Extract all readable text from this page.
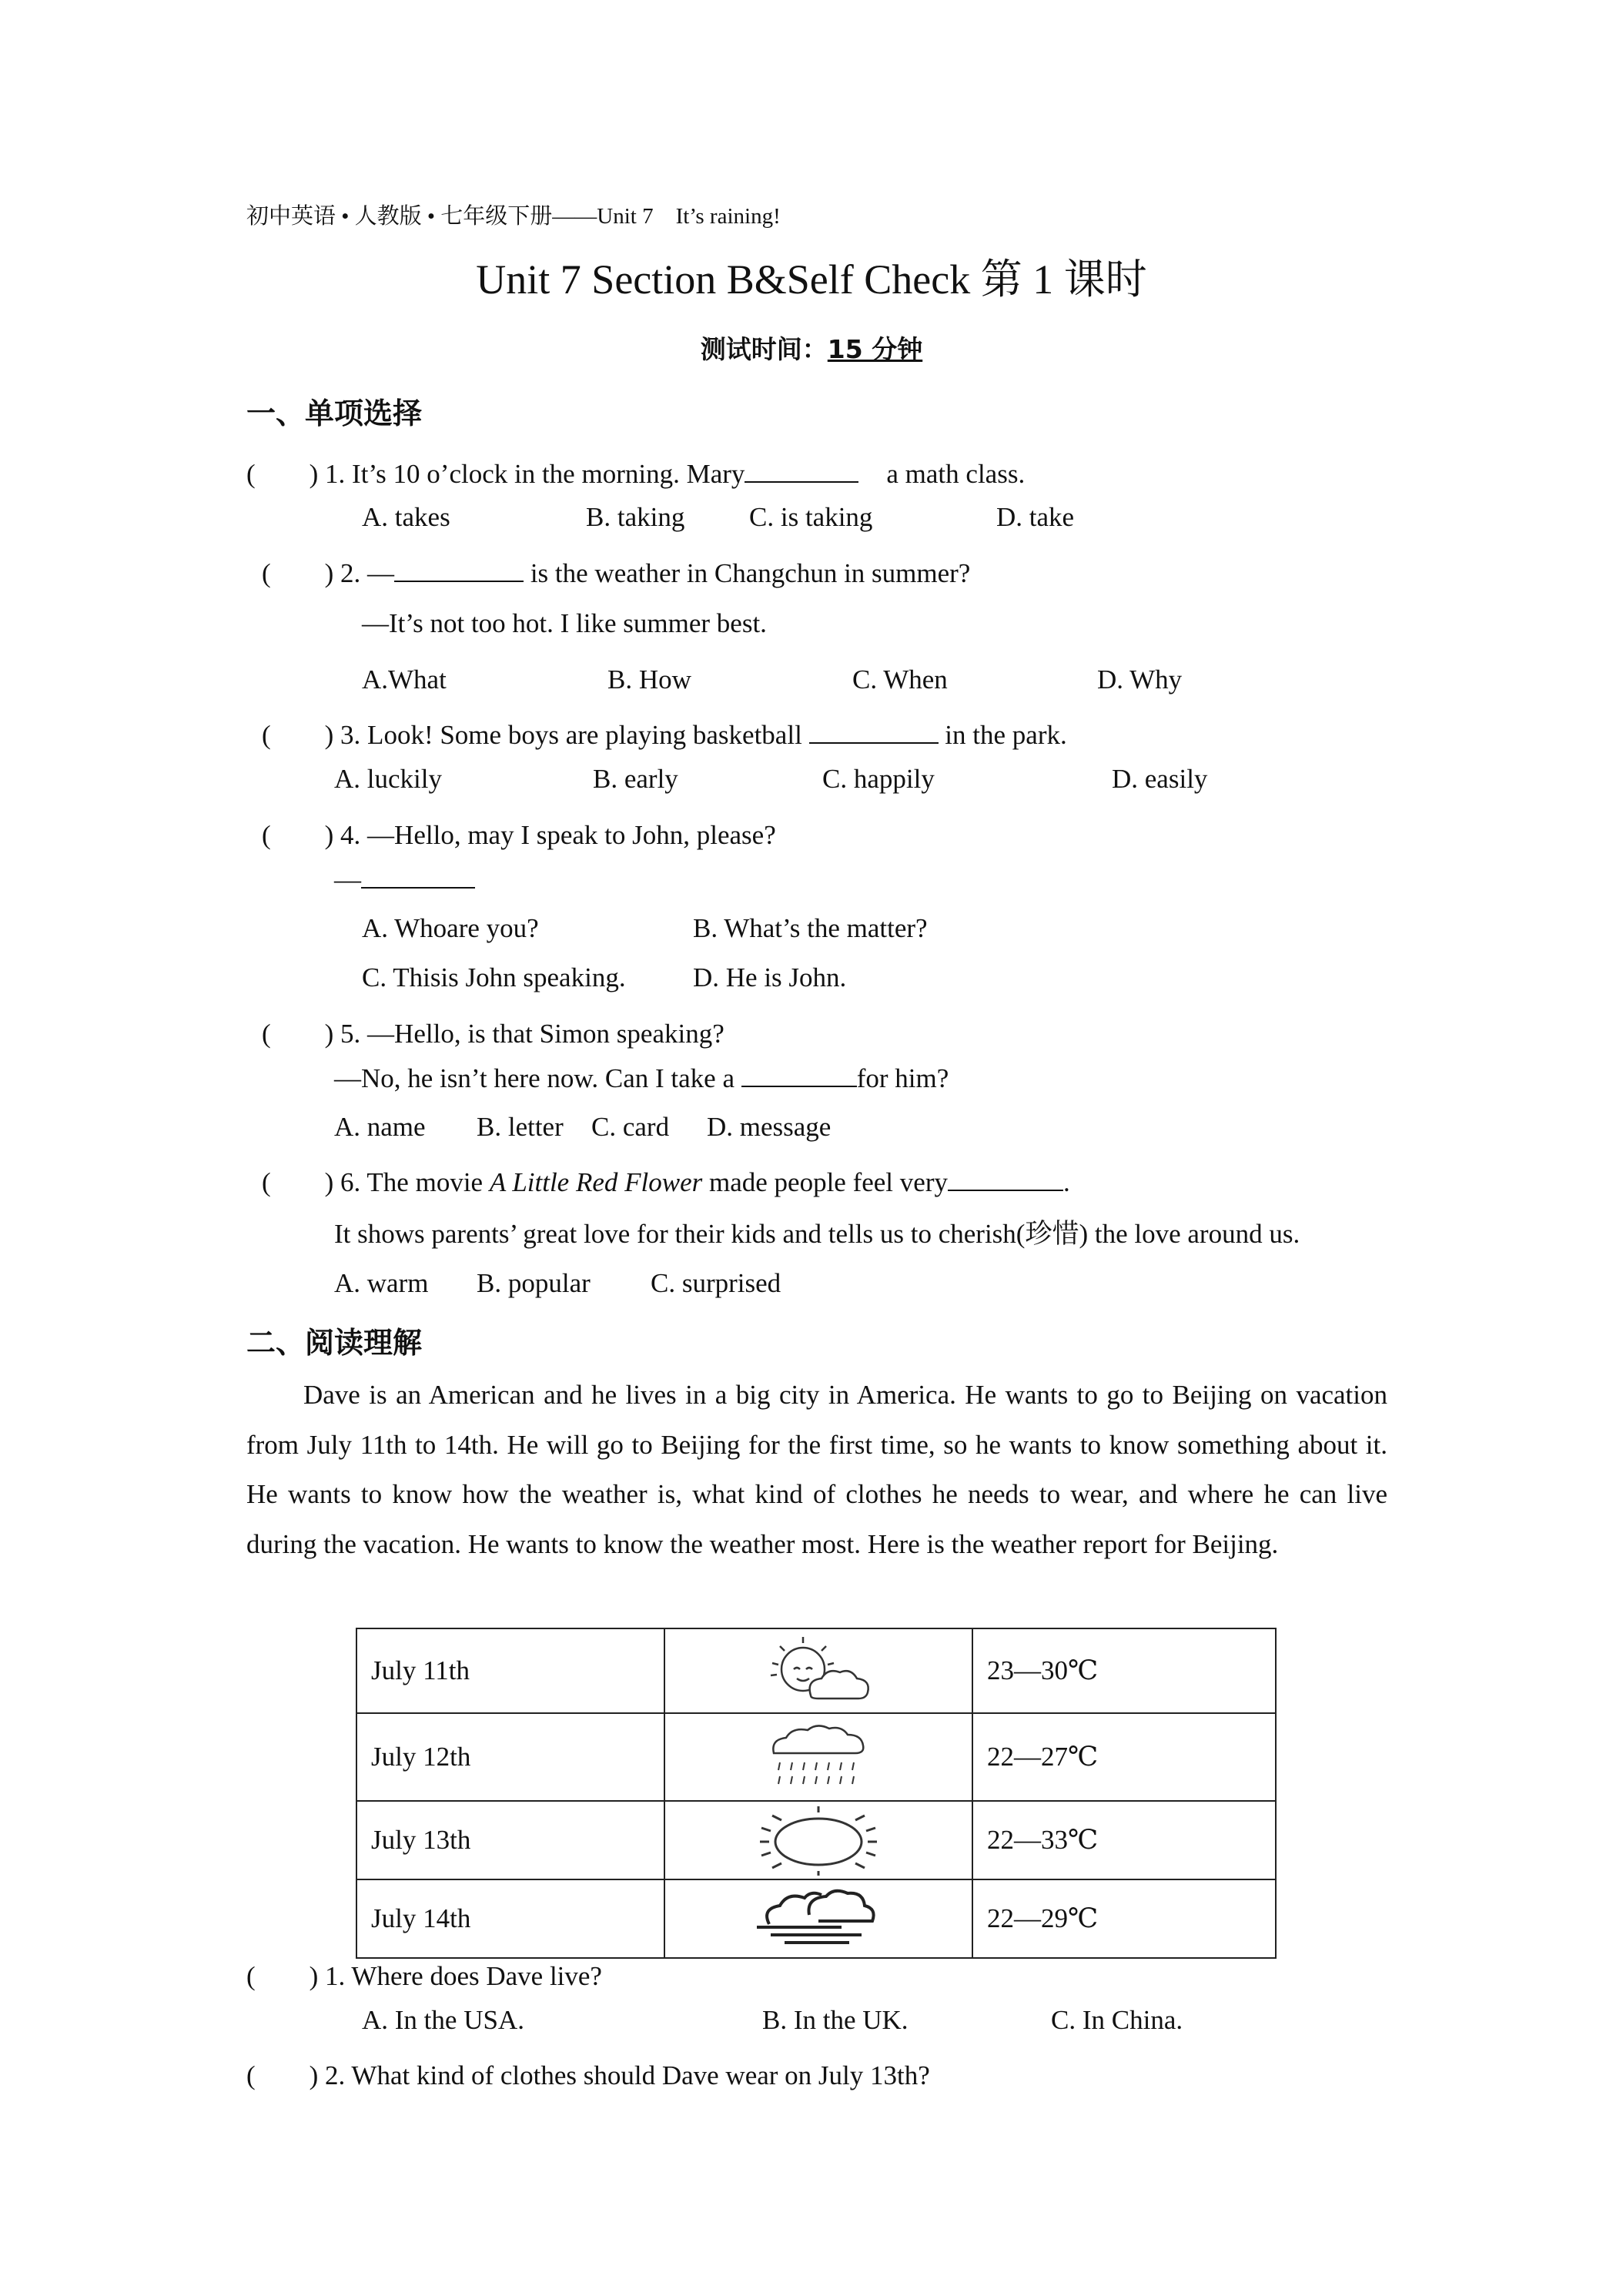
初中英语 • 人教版 • 七年级下册——Unit 7　It’s raining!
Unit 7 Section B&Self Check 第 1 课时
测试时间：15 分钟
一、单项选择
(　　) 1. It’s 10 o’clock in the morning. Mary	a math class.
A. takes	B. taking C. is taking	D. take
(　　) 2. —	is the weather in Changchun in summer?
—It’s not too hot. I like summer best.
A.What	B. How	C. When	D. Why
(　　) 3. Look! Some boys are playing basketball	in the park.
A. luckily	B. early	C. happily	D. easily
(　　) 4. —Hello, may I speak to John, please?
—
A. Whoare you?	B. What’s the matter?
C. Thisis John speaking. D. He is John.
(　　) 5. —Hello, is that Simon speaking?
—No, he isn’t here now. Can I take a	for him?
A. name B. letter C. card D. message
(　　) 6. The movie A Little Red Flower made people feel very	.
It shows parents’ great love for their kids and tells us to cherish(珍惜) the love around us.
A. warm B. popular C. surprised
二、阅读理解
Dave is an American and he lives in a big city in America. He wants to go to Beijing on vacation from July 11th to 14th. He will go to Beijing for the first time, so he wants to know something about it. He wants to know how the weather is, what kind of clothes he needs to wear, and where he can live during the vacation. He wants to know the weather most. Here is the weather report for Beijing.
July 11th		23—30℃
July 12th		22—27℃
July 13th		22—33℃
July 14th		22—29℃
(　　) 1. Where does Dave live?
A. In the USA.	B. In the UK.	C. In China.
(　　) 2. What kind of clothes should Dave wear on July 13th?
